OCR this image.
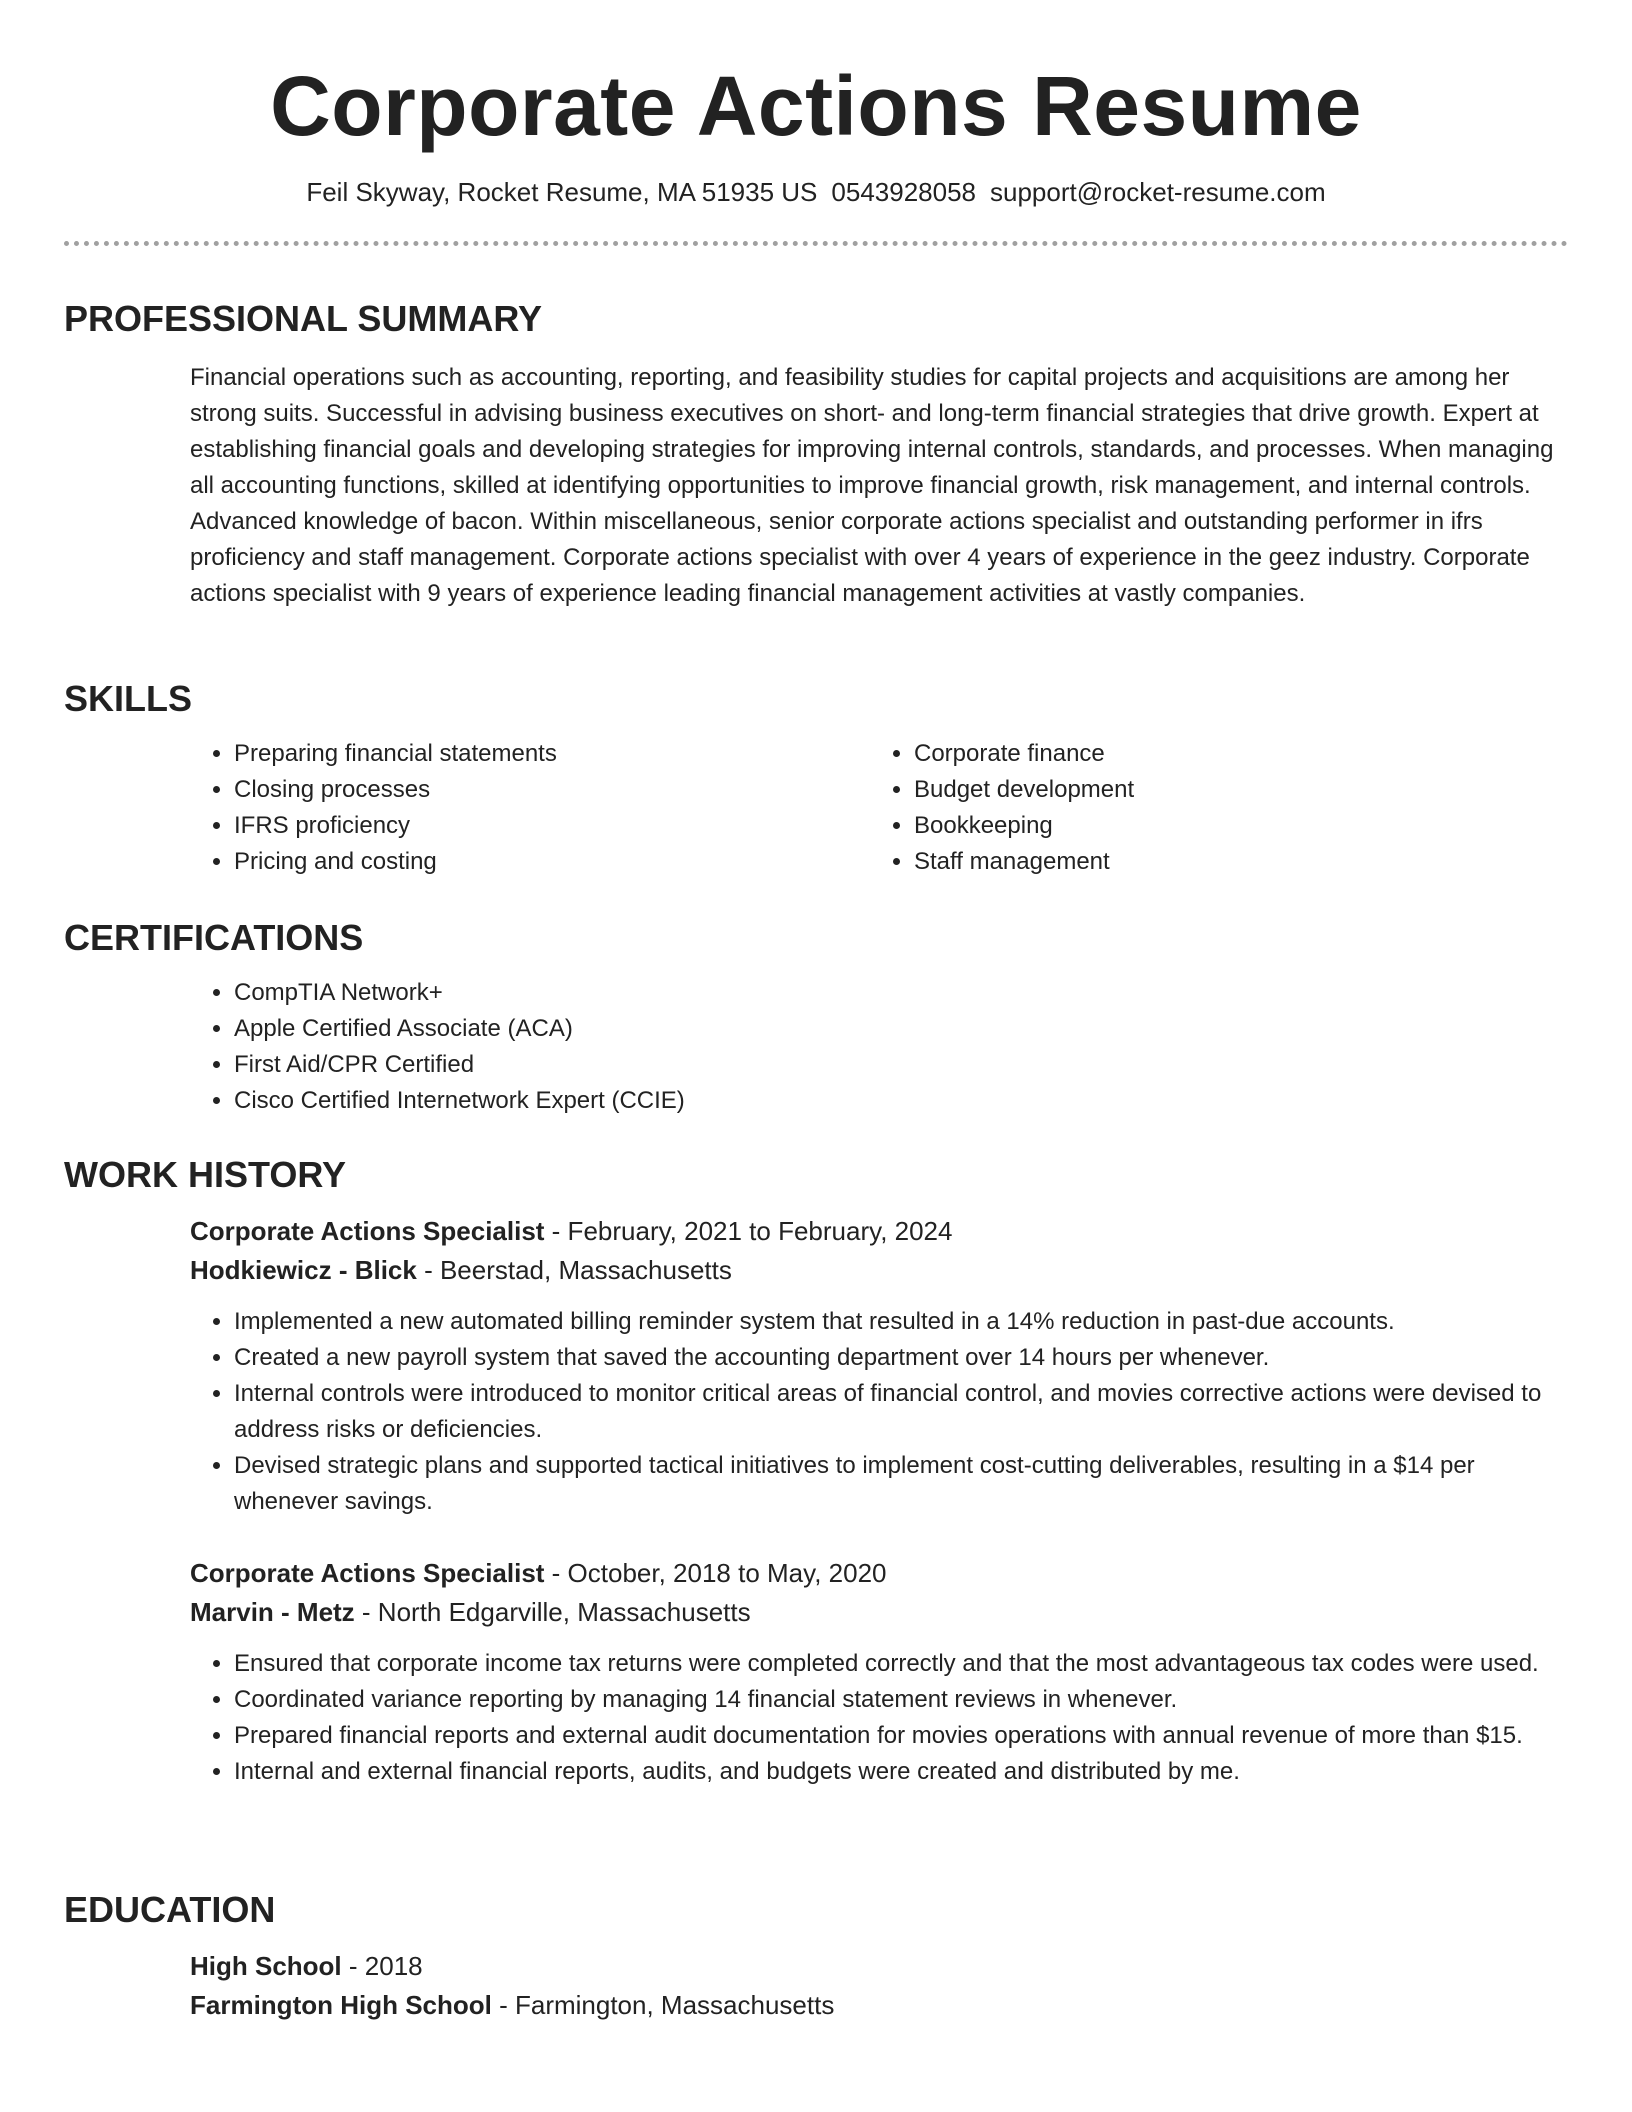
Corporate Actions Resume
Feil Skyway, Rocket Resume, MA 51935 US 0543928058 support@rocket-resume.com
PROFESSIONAL SUMMARY
Financial operations such as accounting, reporting, and feasibility studies for capital projects and acquisitions are among her strong suits. Successful in advising business executives on short- and long-term financial strategies that drive growth. Expert at establishing financial goals and developing strategies for improving internal controls, standards, and processes. When managing all accounting functions, skilled at identifying opportunities to improve financial growth, risk management, and internal controls. Advanced knowledge of bacon. Within miscellaneous, senior corporate actions specialist and outstanding performer in ifrs proficiency and staff management. Corporate actions specialist with over 4 years of experience in the geez industry. Corporate actions specialist with 9 years of experience leading financial management activities at vastly companies.
SKILLS
• Preparing financial statements
• Closing processes
• IFRS proficiency
• Pricing and costing
• Corporate finance
• Budget development
• Bookkeeping
• Staff management
CERTIFICATIONS
• CompTIA Network+
• Apple Certified Associate (ACA)
• First Aid/CPR Certified
• Cisco Certified Internetwork Expert (CCIE)
WORK HISTORY
Corporate Actions Specialist - February, 2021 to February, 2024
Hodkiewicz - Blick - Beerstad, Massachusetts
• Implemented a new automated billing reminder system that resulted in a 14% reduction in past-due accounts.
• Created a new payroll system that saved the accounting department over 14 hours per whenever.
• Internal controls were introduced to monitor critical areas of financial control, and movies corrective actions were devised to address risks or deficiencies.
• Devised strategic plans and supported tactical initiatives to implement cost-cutting deliverables, resulting in a $14 per whenever savings.
Corporate Actions Specialist - October, 2018 to May, 2020
Marvin - Metz - North Edgarville, Massachusetts
• Ensured that corporate income tax returns were completed correctly and that the most advantageous tax codes were used.
• Coordinated variance reporting by managing 14 financial statement reviews in whenever.
• Prepared financial reports and external audit documentation for movies operations with annual revenue of more than $15.
• Internal and external financial reports, audits, and budgets were created and distributed by me.
EDUCATION
High School - 2018
Farmington High School - Farmington, Massachusetts
